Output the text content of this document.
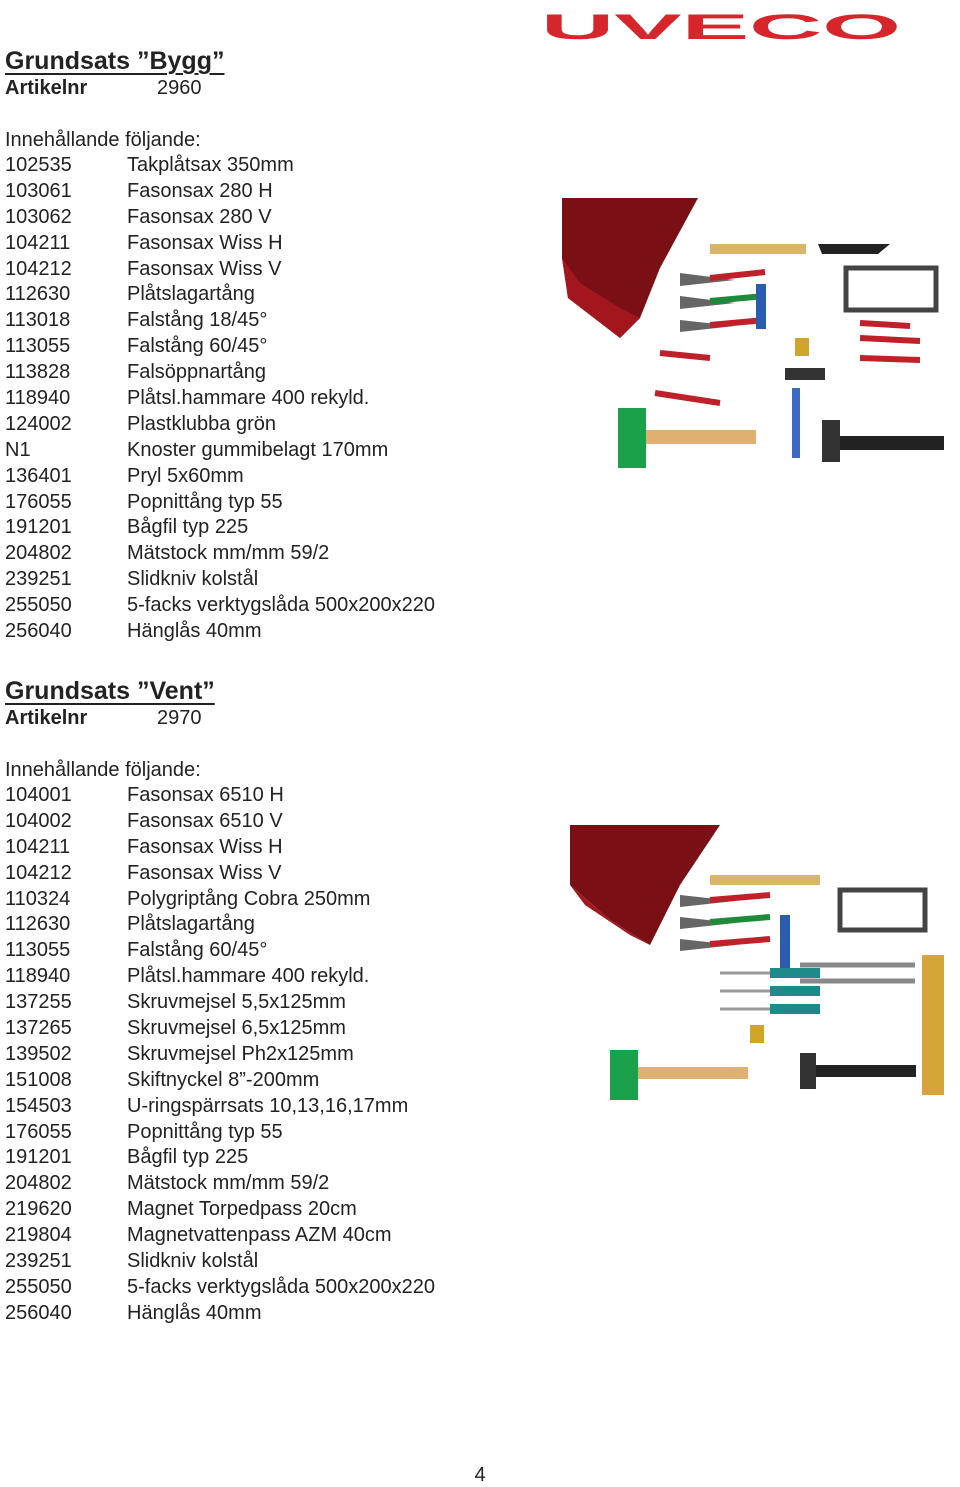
UVECO
Grundsats ”Bygg”
Artikelnr	2960
Innehållande följande:
102535	Takplåtsax 350mm
103061	Fasonsax 280 H
103062	Fasonsax 280 V
104211	Fasonsax Wiss H
104212	Fasonsax Wiss V
112630	Plåtslagartång
113018	Falstång 18/45°
113055	Falstång 60/45°
113828	Falsöppnartång
118940	Plåtsl.hammare 400 rekyld.
124002	Plastklubba grön
N1	Knoster gummibelagt 170mm
136401	Pryl 5x60mm
176055	Popnittång typ 55
191201	Bågfil typ 225
204802	Mätstock mm/mm 59/2
239251	Slidkniv kolstål
255050	5-facks verktygslåda 500x200x220
256040	Hänglås 40mm
Grundsats ”Vent”
Artikelnr	2970
Innehållande följande:
104001	Fasonsax 6510 H
104002	Fasonsax 6510 V
104211	Fasonsax Wiss H
104212	Fasonsax Wiss V
110324	Polygriptång Cobra 250mm
112630	Plåtslagartång
113055	Falstång 60/45°
118940	Plåtsl.hammare 400 rekyld.
137255	Skruvmejsel 5,5x125mm
137265	Skruvmejsel 6,5x125mm
139502	Skruvmejsel Ph2x125mm
151008	Skiftnyckel 8”-200mm
154503	U-ringspärrsats 10,13,16,17mm
176055	Popnittång typ 55
191201	Bågfil typ 225
204802	Mätstock mm/mm 59/2
219620	Magnet Torpedpass 20cm
219804	Magnetvattenpass AZM 40cm
239251	Slidkniv kolstål
255050	5-facks verktygslåda 500x200x220
256040	Hänglås 40mm
4
